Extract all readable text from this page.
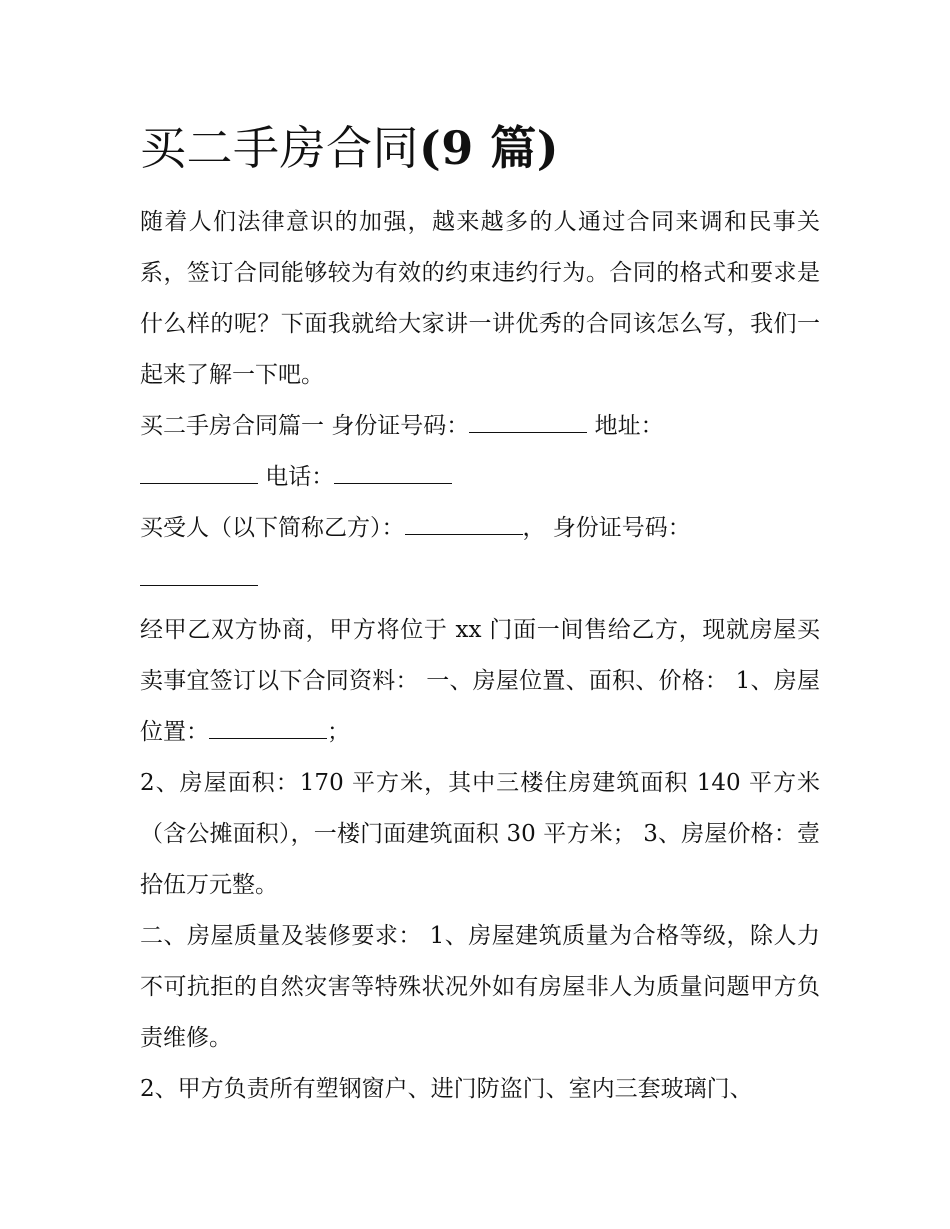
买二手房合同(9 篇)

随着人们法律意识的加强，越来越多的人通过合同来调和民事关系，签订合同能够较为有效的约束违约行为。合同的格式和要求是什么样的呢？下面我就给大家讲一讲优秀的合同该怎么写，我们一起来了解一下吧。

买二手房合同篇一 身份证号码：	地址：
电话：

买受人（以下简称乙方）：	， 身份证号码：

经甲乙双方协商，甲方将位于 xx 门面一间售给乙方，现就房屋买卖事宜签订以下合同资料： 一、房屋位置、面积、价格： 1、房屋位置：	；

2、房屋面积：170 平方米，其中三楼住房建筑面积 140 平方米（含公摊面积），一楼门面建筑面积 30 平方米； 3、房屋价格：壹拾伍万元整。

二、房屋质量及装修要求： 1、房屋建筑质量为合格等级，除人力不可抗拒的自然灾害等特殊状况外如有房屋非人为质量问题甲方负责维修。

2、甲方负责所有塑钢窗户、进门防盗门、室内三套玻璃门、
